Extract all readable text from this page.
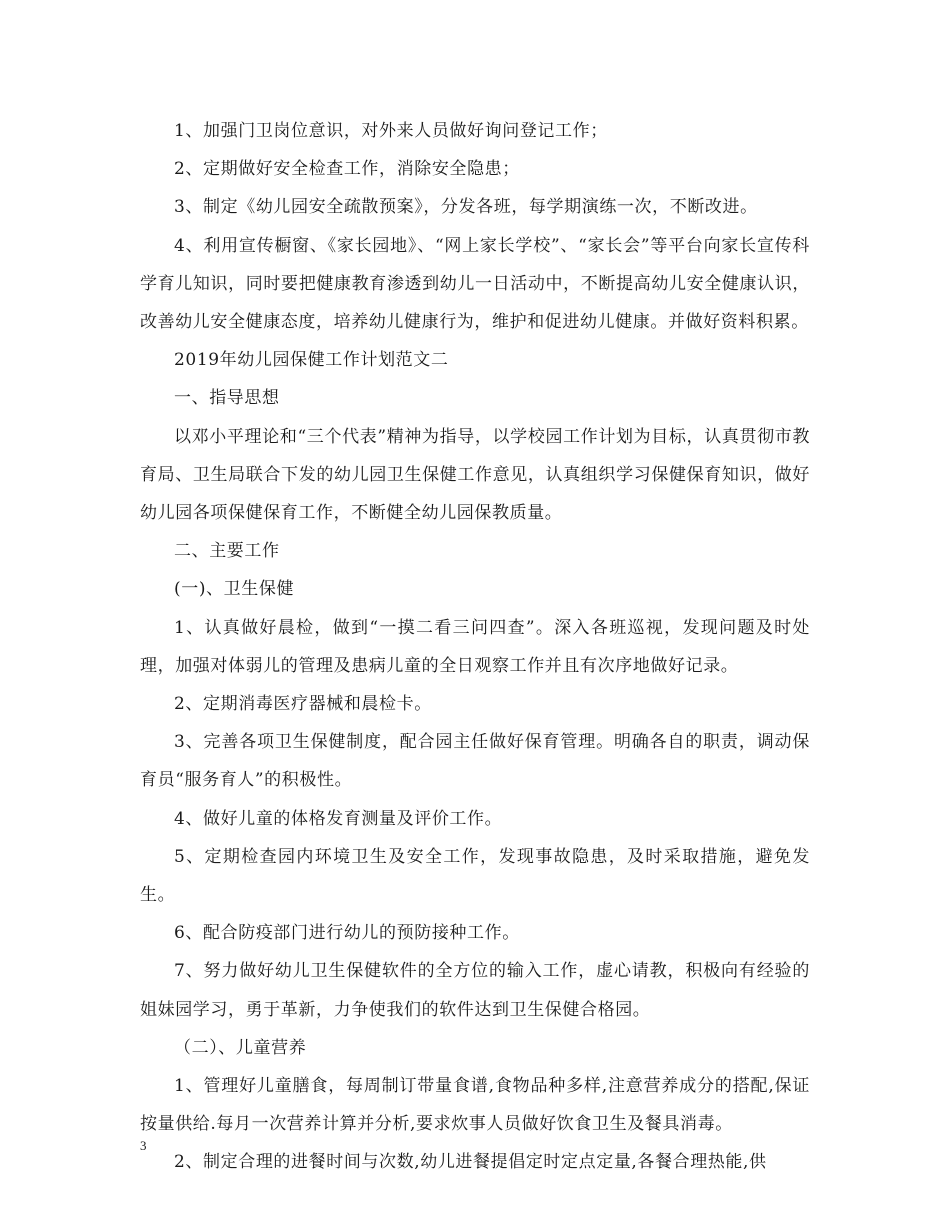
1、加强门卫岗位意识，对外来人员做好询问登记工作；

2、定期做好安全检查工作，消除安全隐患；

3、制定《幼儿园安全疏散预案》，分发各班，每学期演练一次，不断改进。

4、利用宣传橱窗、《家长园地》、“网上家长学校”、“家长会”等平台向家长宣传科学育儿知识，同时要把健康教育渗透到幼儿一日活动中，不断提高幼儿安全健康认识，改善幼儿安全健康态度，培养幼儿健康行为，维护和促进幼儿健康。并做好资料积累。

2019年幼儿园保健工作计划范文二

一、指导思想

以邓小平理论和“三个代表”精神为指导，以学校园工作计划为目标，认真贯彻市教育局、卫生局联合下发的幼儿园卫生保健工作意见，认真组织学习保健保育知识，做好幼儿园各项保健保育工作，不断健全幼儿园保教质量。

二、主要工作

(一)、卫生保健

1、认真做好晨检，做到“一摸二看三问四查”。深入各班巡视，发现问题及时处理，加强对体弱儿的管理及患病儿童的全日观察工作并且有次序地做好记录。

2、定期消毒医疗器械和晨检卡。

3、完善各项卫生保健制度，配合园主任做好保育管理。明确各自的职责，调动保育员“服务育人”的积极性。

4、做好儿童的体格发育测量及评价工作。

5、定期检查园内环境卫生及安全工作，发现事故隐患，及时采取措施，避免发生。

6、配合防疫部门进行幼儿的预防接种工作。

7、努力做好幼儿卫生保健软件的全方位的输入工作，虚心请教，积极向有经验的姐妹园学习，勇于革新，力争使我们的软件达到卫生保健合格园。

（二）、儿童营养

1、管理好儿童膳食，每周制订带量食谱,食物品种多样,注意营养成分的搭配,保证按量供给.每月一次营养计算并分析,要求炊事人员做好饮食卫生及餐具消毒。

2、制定合理的进餐时间与次数,幼儿进餐提倡定时定点定量,各餐合理热能,供

3
